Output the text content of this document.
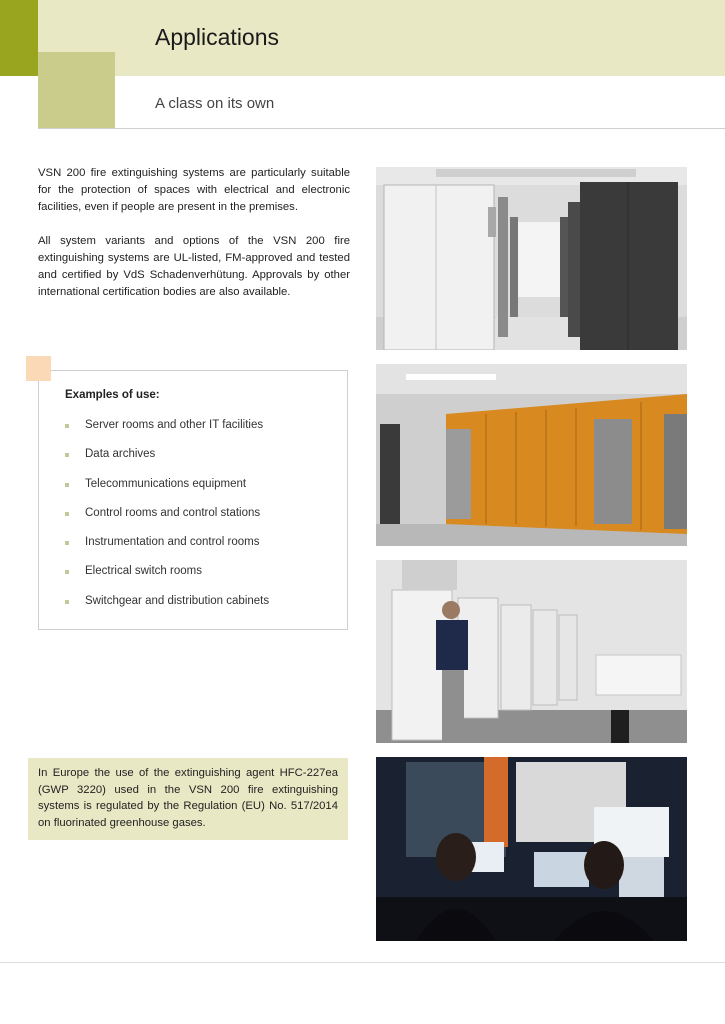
Applications
A class on its own

VSN 200 fire extinguishing systems are particularly suitable for the protection of spaces with electrical and electronic facilities, even if people are present in the premises.

All system variants and options of the VSN 200 fire extinguishing systems are UL-listed, FM-approved and tested and certified by VdS Schadenverhütung. Approvals by other international certification bodies are also available.

Examples of use:
Server rooms and other IT facilities
Data archives
Telecommunications equipment
Control rooms and control stations
Instrumentation and control rooms
Electrical switch rooms
Switchgear and distribution cabinets
In Europe the use of the extinguishing agent HFC-227ea (GWP 3220) used in the VSN 200 fire extinguishing systems is regulated by the Regulation (EU) No. 517/2014 on fluorinated greenhouse gases.
